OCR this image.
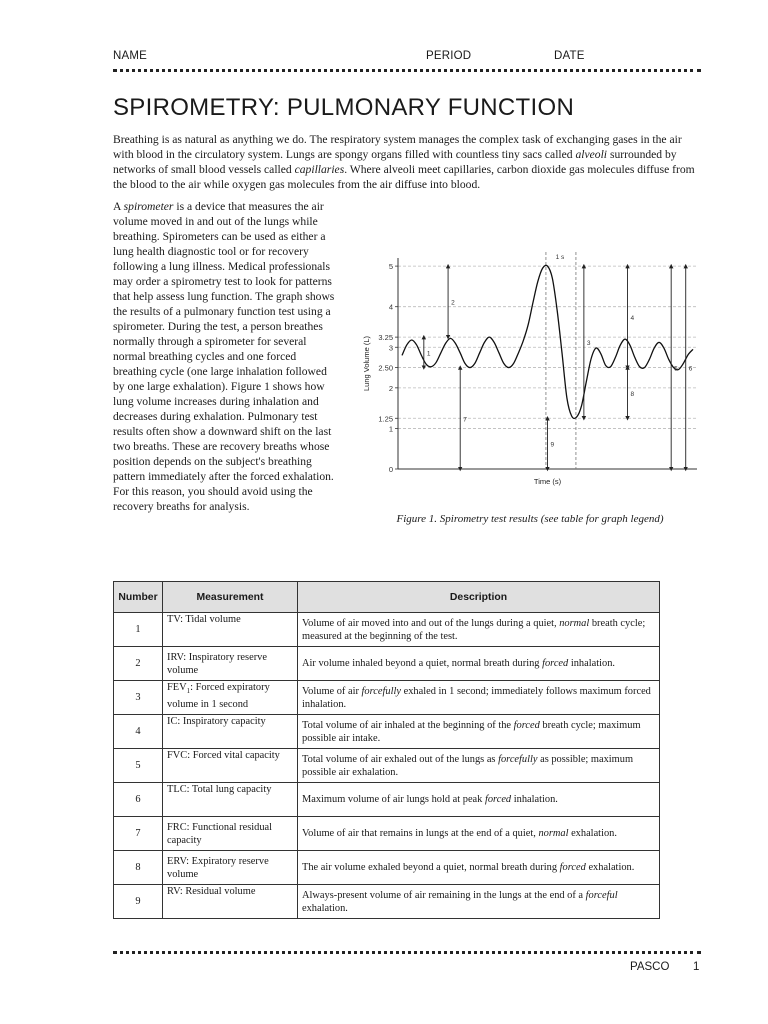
NAME	PERIOD	DATE
SPIROMETRY: PULMONARY FUNCTION

Breathing is as natural as anything we do. The respiratory system manages the complex task of exchanging gases in the air with blood in the circulatory system. Lungs are spongy organs filled with countless tiny sacs called alveoli surrounded by networks of small blood vessels called capillaries. Where alveoli meet capillaries, carbon dioxide gas molecules diffuse from the blood to the air while oxygen gas molecules from the air diffuse into blood.

A spirometer is a device that measures the air volume moved in and out of the lungs while breathing. Spirometers can be used as either a lung health diagnostic tool or for recovery following a lung illness. Medical professionals may order a spirometry test to look for patterns that help assess lung function. The graph shows the results of a pulmonary function test using a spirometer. During the test, a person breathes normally through a spirometer for several normal breathing cycles and one forced breathing cycle (one large inhalation followed by one large exhalation). Figure 1 shows how lung volume increases during inhalation and decreases during exhalation. Pulmonary test results often show a downward shift on the last two breaths. These are recovery breaths whose position depends on the subject's breathing pattern immediately after the forced exhalation. For this reason, you should avoid using the recovery breaths for analysis.

0
1
1.25
2
2.50
3
3.25
4
5
1 s
1
2
3
4
5 6
7
8
9
Time (s)
Lung Volume (L)
Figure 1. Spirometry test results (see table for graph legend)
Number	Measurement	Description
1	TV: Tidal volume	Volume of air moved into and out of the lungs during a quiet, normal breath cycle; measured at the beginning of the test.
2	IRV: Inspiratory reserve volume	Air volume inhaled beyond a quiet, normal breath during forced inhalation.
3	$FEV_1$: Forced expiratory volume in 1 second	Volume of air forcefully exhaled in 1 second; immediately follows maximum forced inhalation.
4	IC: Inspiratory capacity	Total volume of air inhaled at the beginning of the forced breath cycle; maximum possible air intake.
5	FVC: Forced vital capacity	Total volume of air exhaled out of the lungs as forcefully as possible; maximum possible air exhalation.
6	TLC: Total lung capacity	Maximum volume of air lungs hold at peak forced inhalation.
7	FRC: Functional residual capacity	Volume of air that remains in lungs at the end of a quiet, normal exhalation.
8	ERV: Expiratory reserve volume	The air volume exhaled beyond a quiet, normal breath during forced exhalation.
9	RV: Residual volume	Always-present volume of air remaining in the lungs at the end of a forceful exhalation.
PASCO 1
